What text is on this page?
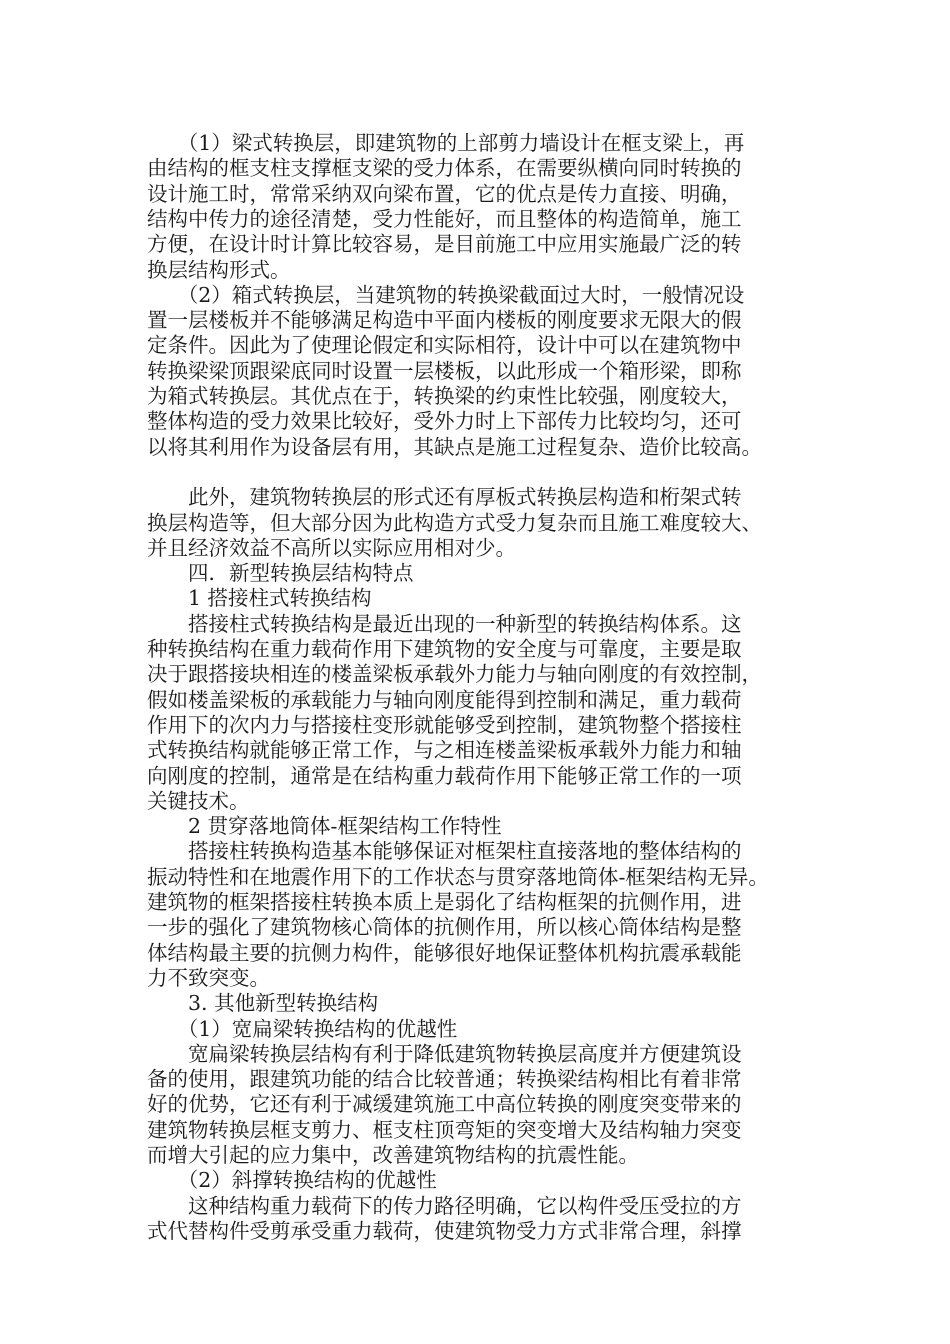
　　（1）梁式转换层，即建筑物的上部剪力墙设计在框支梁上，再
由结构的框支柱支撑框支梁的受力体系，在需要纵横向同时转换的
设计施工时，常常采纳双向梁布置，它的优点是传力直接、明确，
结构中传力的途径清楚，受力性能好，而且整体的构造简单，施工
方便，在设计时计算比较容易，是目前施工中应用实施最广泛的转
换层结构形式。
　　（2）箱式转换层，当建筑物的转换梁截面过大时，一般情况设
置一层楼板并不能够满足构造中平面内楼板的刚度要求无限大的假
定条件。因此为了使理论假定和实际相符，设计中可以在建筑物中
转换梁梁顶跟梁底同时设置一层楼板，以此形成一个箱形梁，即称
为箱式转换层。其优点在于，转换梁的约束性比较强，刚度较大，
整体构造的受力效果比较好，受外力时上下部传力比较均匀，还可
以将其利用作为设备层有用，其缺点是施工过程复杂、造价比较高。
　　此外，建筑物转换层的形式还有厚板式转换层构造和桁架式转
换层构造等，但大部分因为此构造方式受力复杂而且施工难度较大、
并且经济效益不高所以实际应用相对少。
　　四．新型转换层结构特点
　　1 搭接柱式转换结构
　　搭接柱式转换结构是最近出现的一种新型的转换结构体系。这
种转换结构在重力载荷作用下建筑物的安全度与可靠度，主要是取
决于跟搭接块相连的楼盖梁板承载外力能力与轴向刚度的有效控制，
假如楼盖梁板的承载能力与轴向刚度能得到控制和满足，重力载荷
作用下的次内力与搭接柱变形就能够受到控制，建筑物整个搭接柱
式转换结构就能够正常工作，与之相连楼盖梁板承载外力能力和轴
向刚度的控制，通常是在结构重力载荷作用下能够正常工作的一项
关键技术。
　　2 贯穿落地筒体-框架结构工作特性
　　搭接柱转换构造基本能够保证对框架柱直接落地的整体结构的
振动特性和在地震作用下的工作状态与贯穿落地筒体-框架结构无异。
建筑物的框架搭接柱转换本质上是弱化了结构框架的抗侧作用，进
一步的强化了建筑物核心筒体的抗侧作用，所以核心筒体结构是整
体结构最主要的抗侧力构件，能够很好地保证整体机构抗震承载能
力不致突变。
　　3. 其他新型转换结构
　　（1）宽扁梁转换结构的优越性
　　宽扁梁转换层结构有利于降低建筑物转换层高度并方便建筑设
备的使用，跟建筑功能的结合比较普通；转换梁结构相比有着非常
好的优势，它还有利于减缓建筑施工中高位转换的刚度突变带来的
建筑物转换层框支剪力、框支柱顶弯矩的突变增大及结构轴力突变
而增大引起的应力集中，改善建筑物结构的抗震性能。
　　（2）斜撑转换结构的优越性
　　这种结构重力载荷下的传力路径明确，它以构件受压受拉的方
式代替构件受剪承受重力载荷，使建筑物受力方式非常合理，斜撑
